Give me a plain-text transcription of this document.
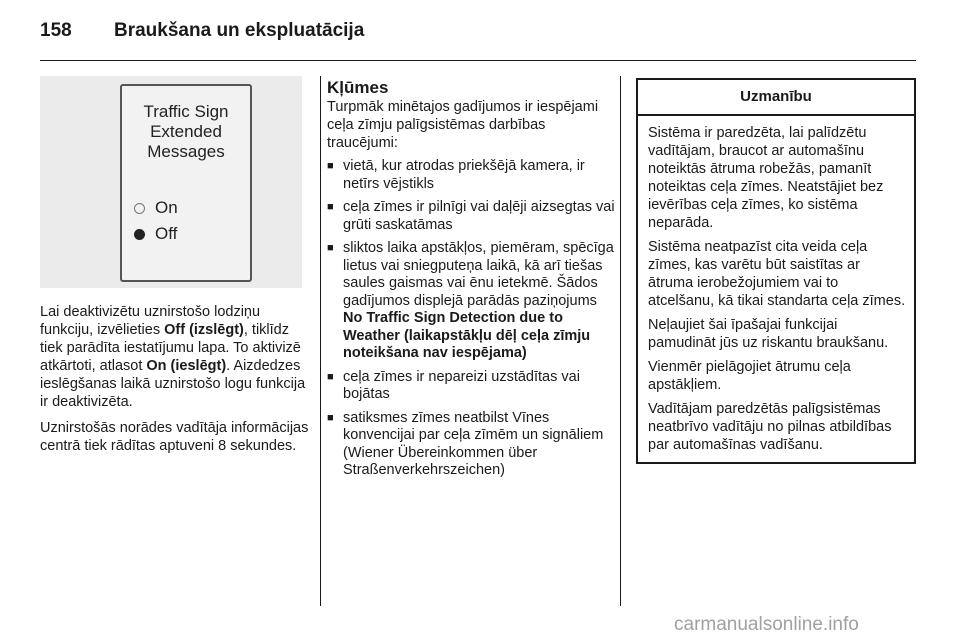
158 Braukšana un ekspluatācija
Traffic Sign
Extended
Messages
On
Off

Lai deaktivizētu uznirstošo lodziņu funkciju, izvēlieties Off (izslēgt), tiklīdz tiek parādīta iestatījumu lapa. To aktivizē atkārtoti, atlasot On (ieslēgt). Aizdedzes ieslēgšanas laikā uznirstošo logu funkcija ir deaktivizēta.

Uznirstošās norādes vadītāja informācijas centrā tiek rādītas aptuveni 8 sekundes.

Kļūmes

Turpmāk minētajos gadījumos ir iespējami ceļa zīmju palīgsistēmas darbības traucējumi:

■ vietā, kur atrodas priekšējā kamera, ir netīrs vējstikls
■ ceļa zīmes ir pilnīgi vai daļēji aizsegtas vai grūti saskatāmas
■ sliktos laika apstākļos, piemēram, spēcīga lietus vai sniegputeņa laikā, kā arī tiešas saules gaismas vai ēnu ietekmē. Šādos gadījumos displejā parādās paziņojums No Traffic Sign Detection due to Weather (laikapstākļu dēļ ceļa zīmju noteikšana nav iespējama)
■ ceļa zīmes ir nepareizi uzstādītas vai bojātas
■ satiksmes zīmes neatbilst Vīnes konvencijai par ceļa zīmēm un signāliem (Wiener Übereinkommen über Straßenverkehrszeichen)
Uzmanību

Sistēma ir paredzēta, lai palīdzētu vadītājam, braucot ar automašīnu noteiktās ātruma robežās, pamanīt noteiktas ceļa zīmes. Neatstājiet bez ievērības ceļa zīmes, ko sistēma neparāda.

Sistēma neatpazīst cita veida ceļa zīmes, kas varētu būt saistītas ar ātruma ierobežojumiem vai to atcelšanu, kā tikai standarta ceļa zīmes.

Neļaujiet šai īpašajai funkcijai pamudināt jūs uz riskantu braukšanu.

Vienmēr pielāgojiet ātrumu ceļa apstākļiem.

Vadītājam paredzētās palīgsistēmas neatbrīvo vadītāju no pilnas atbildības par automašīnas vadīšanu.

carmanualsonline.info
